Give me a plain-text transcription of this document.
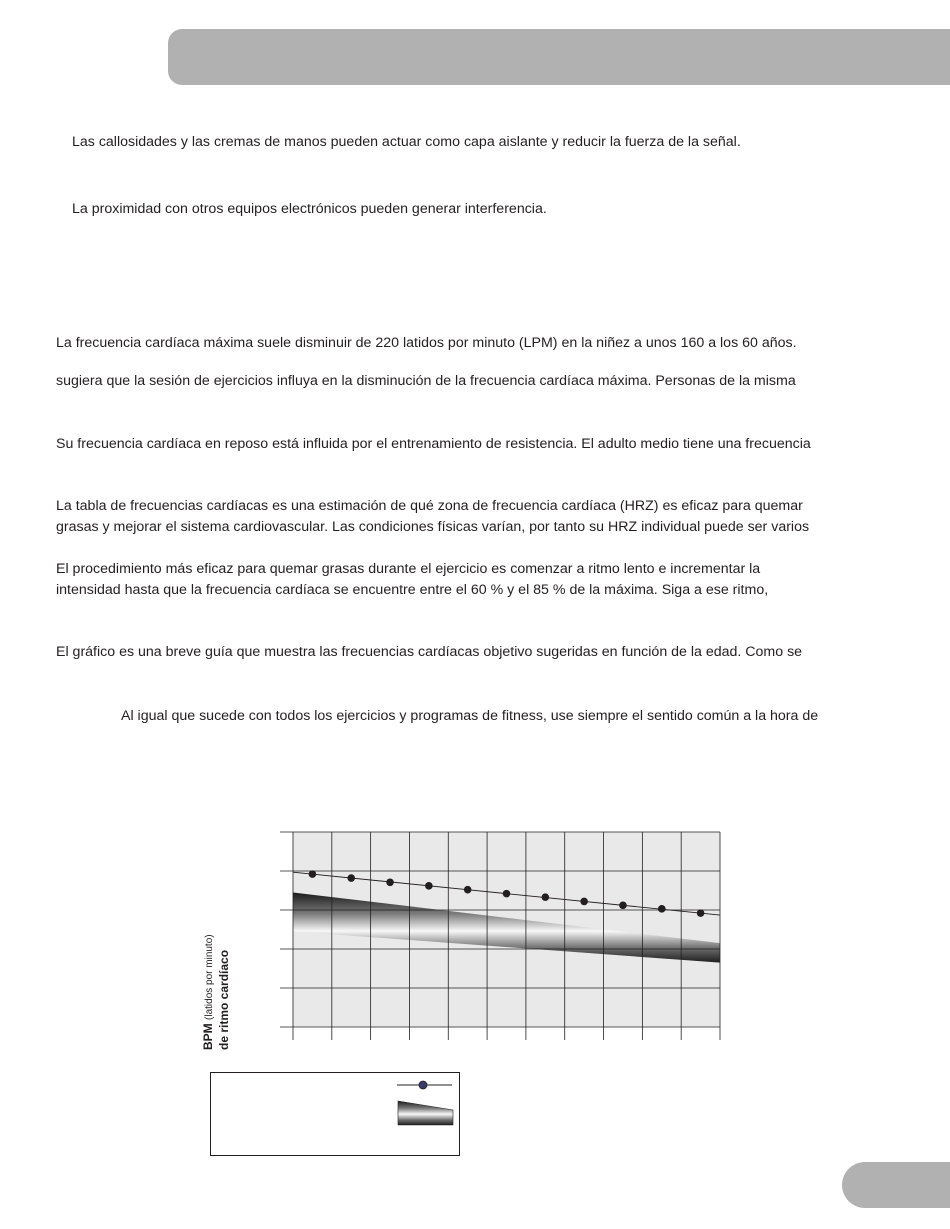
Las callosidades y las cremas de manos pueden actuar como capa aislante y reducir la fuerza de la señal.

La proximidad con otros equipos electrónicos pueden generar interferencia.

La frecuencia cardíaca máxima suele disminuir de 220 latidos por minuto (LPM) en la niñez a unos 160 a los 60 años.

sugiera que la sesión de ejercicios influya en la disminución de la frecuencia cardíaca máxima. Personas de la misma

Su frecuencia cardíaca en reposo está influida por el entrenamiento de resistencia. El adulto medio tiene una frecuencia

La tabla de frecuencias cardíacas es una estimación de qué zona de frecuencia cardíaca (HRZ) es eficaz para quemar

grasas y mejorar el sistema cardiovascular. Las condiciones físicas varían, por tanto su HRZ individual puede ser varios

El procedimiento más eficaz para quemar grasas durante el ejercicio es comenzar a ritmo lento e incrementar la

intensidad hasta que la frecuencia cardíaca se encuentre entre el 60 % y el 85 % de la máxima. Siga a ese ritmo,

El gráfico es una breve guía que muestra las frecuencias cardíacas objetivo sugeridas en función de la edad. Como se

Al igual que sucede con todos los ejercicios y programas de fitness, use siempre el sentido común a la hora de

BPM (latidos por minuto) de ritmo cardíaco
